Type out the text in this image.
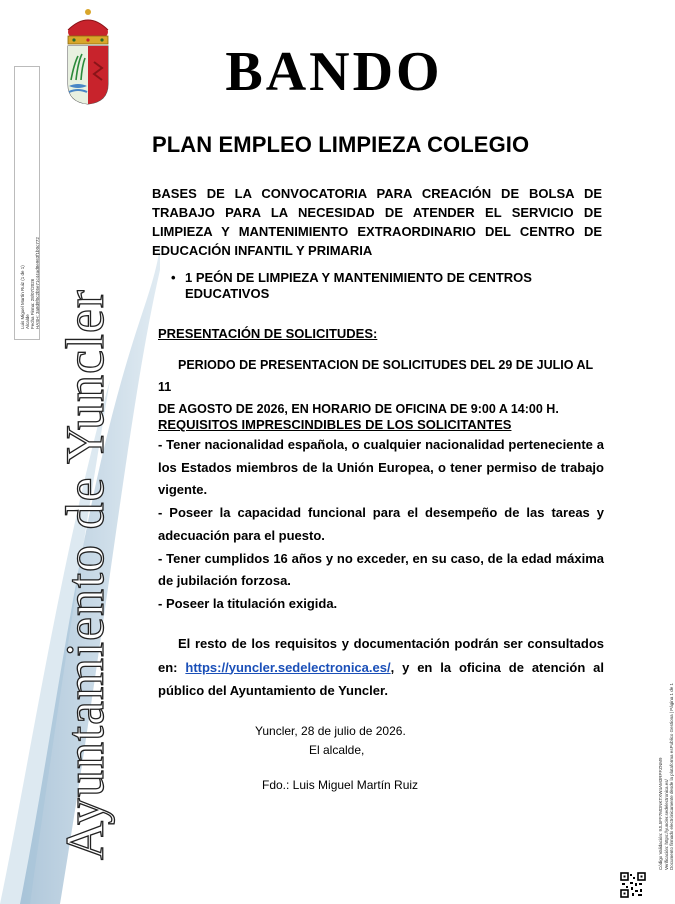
Ayuntamiento de Yuncler
Luis Miguel Martín Ruiz (1 de 1) Alcalde Fecha Firma: 28/07/2026 HASH: 3a8d9f0c2b5e71c44ad8e963f1b0c772
BANDO
PLAN EMPLEO LIMPIEZA COLEGIO
BASES DE LA CONVOCATORIA PARA CREACIÓN DE BOLSA DE TRABAJO PARA LA NECESIDAD DE ATENDER EL SERVICIO DE LIMPIEZA Y MANTENIMIENTO EXTRAORDINARIO DEL CENTRO DE EDUCACIÓN INFANTIL Y PRIMARIA
• 1 PEÓN DE LIMPIEZA Y MANTENIMIENTO DE CENTROS EDUCATIVOS
PRESENTACIÓN DE SOLICITUDES:
PERIODO DE PRESENTACION DE SOLICITUDES DEL 29 DE JULIO AL 11
DE AGOSTO DE 2026, EN HORARIO DE OFICINA DE 9:00 A 14:00 H.
REQUISITOS IMPRESCINDIBLES DE LOS SOLICITANTES

- Tener nacionalidad española, o cualquier nacionalidad perteneciente a los Estados miembros de la Unión Europea, o tener permiso de trabajo vigente.

- Poseer la capacidad funcional para el desempeño de las tareas y adecuación para el puesto.

- Tener cumplidos 16 años y no exceder, en su caso, de la edad máxima de jubilación forzosa.

- Poseer la titulación exigida.

El resto de los requisitos y documentación podrán ser consultados en: https://yuncler.sedelectronica.es/, y en la oficina de atención al público del Ayuntamiento de Yuncler.

Yuncler, 28 de julio de 2026.
El alcalde,
Fdo.: Luis Miguel Martín Ruiz	Código Validación: 9JL5FF7MDNKTXW4AM3RPFZNM9 Verificación: https://yuncler.sedelectronica.es/ Documento firmado electrónicamente desde la plataforma esPublico Gestiona | Página 1 de 1
